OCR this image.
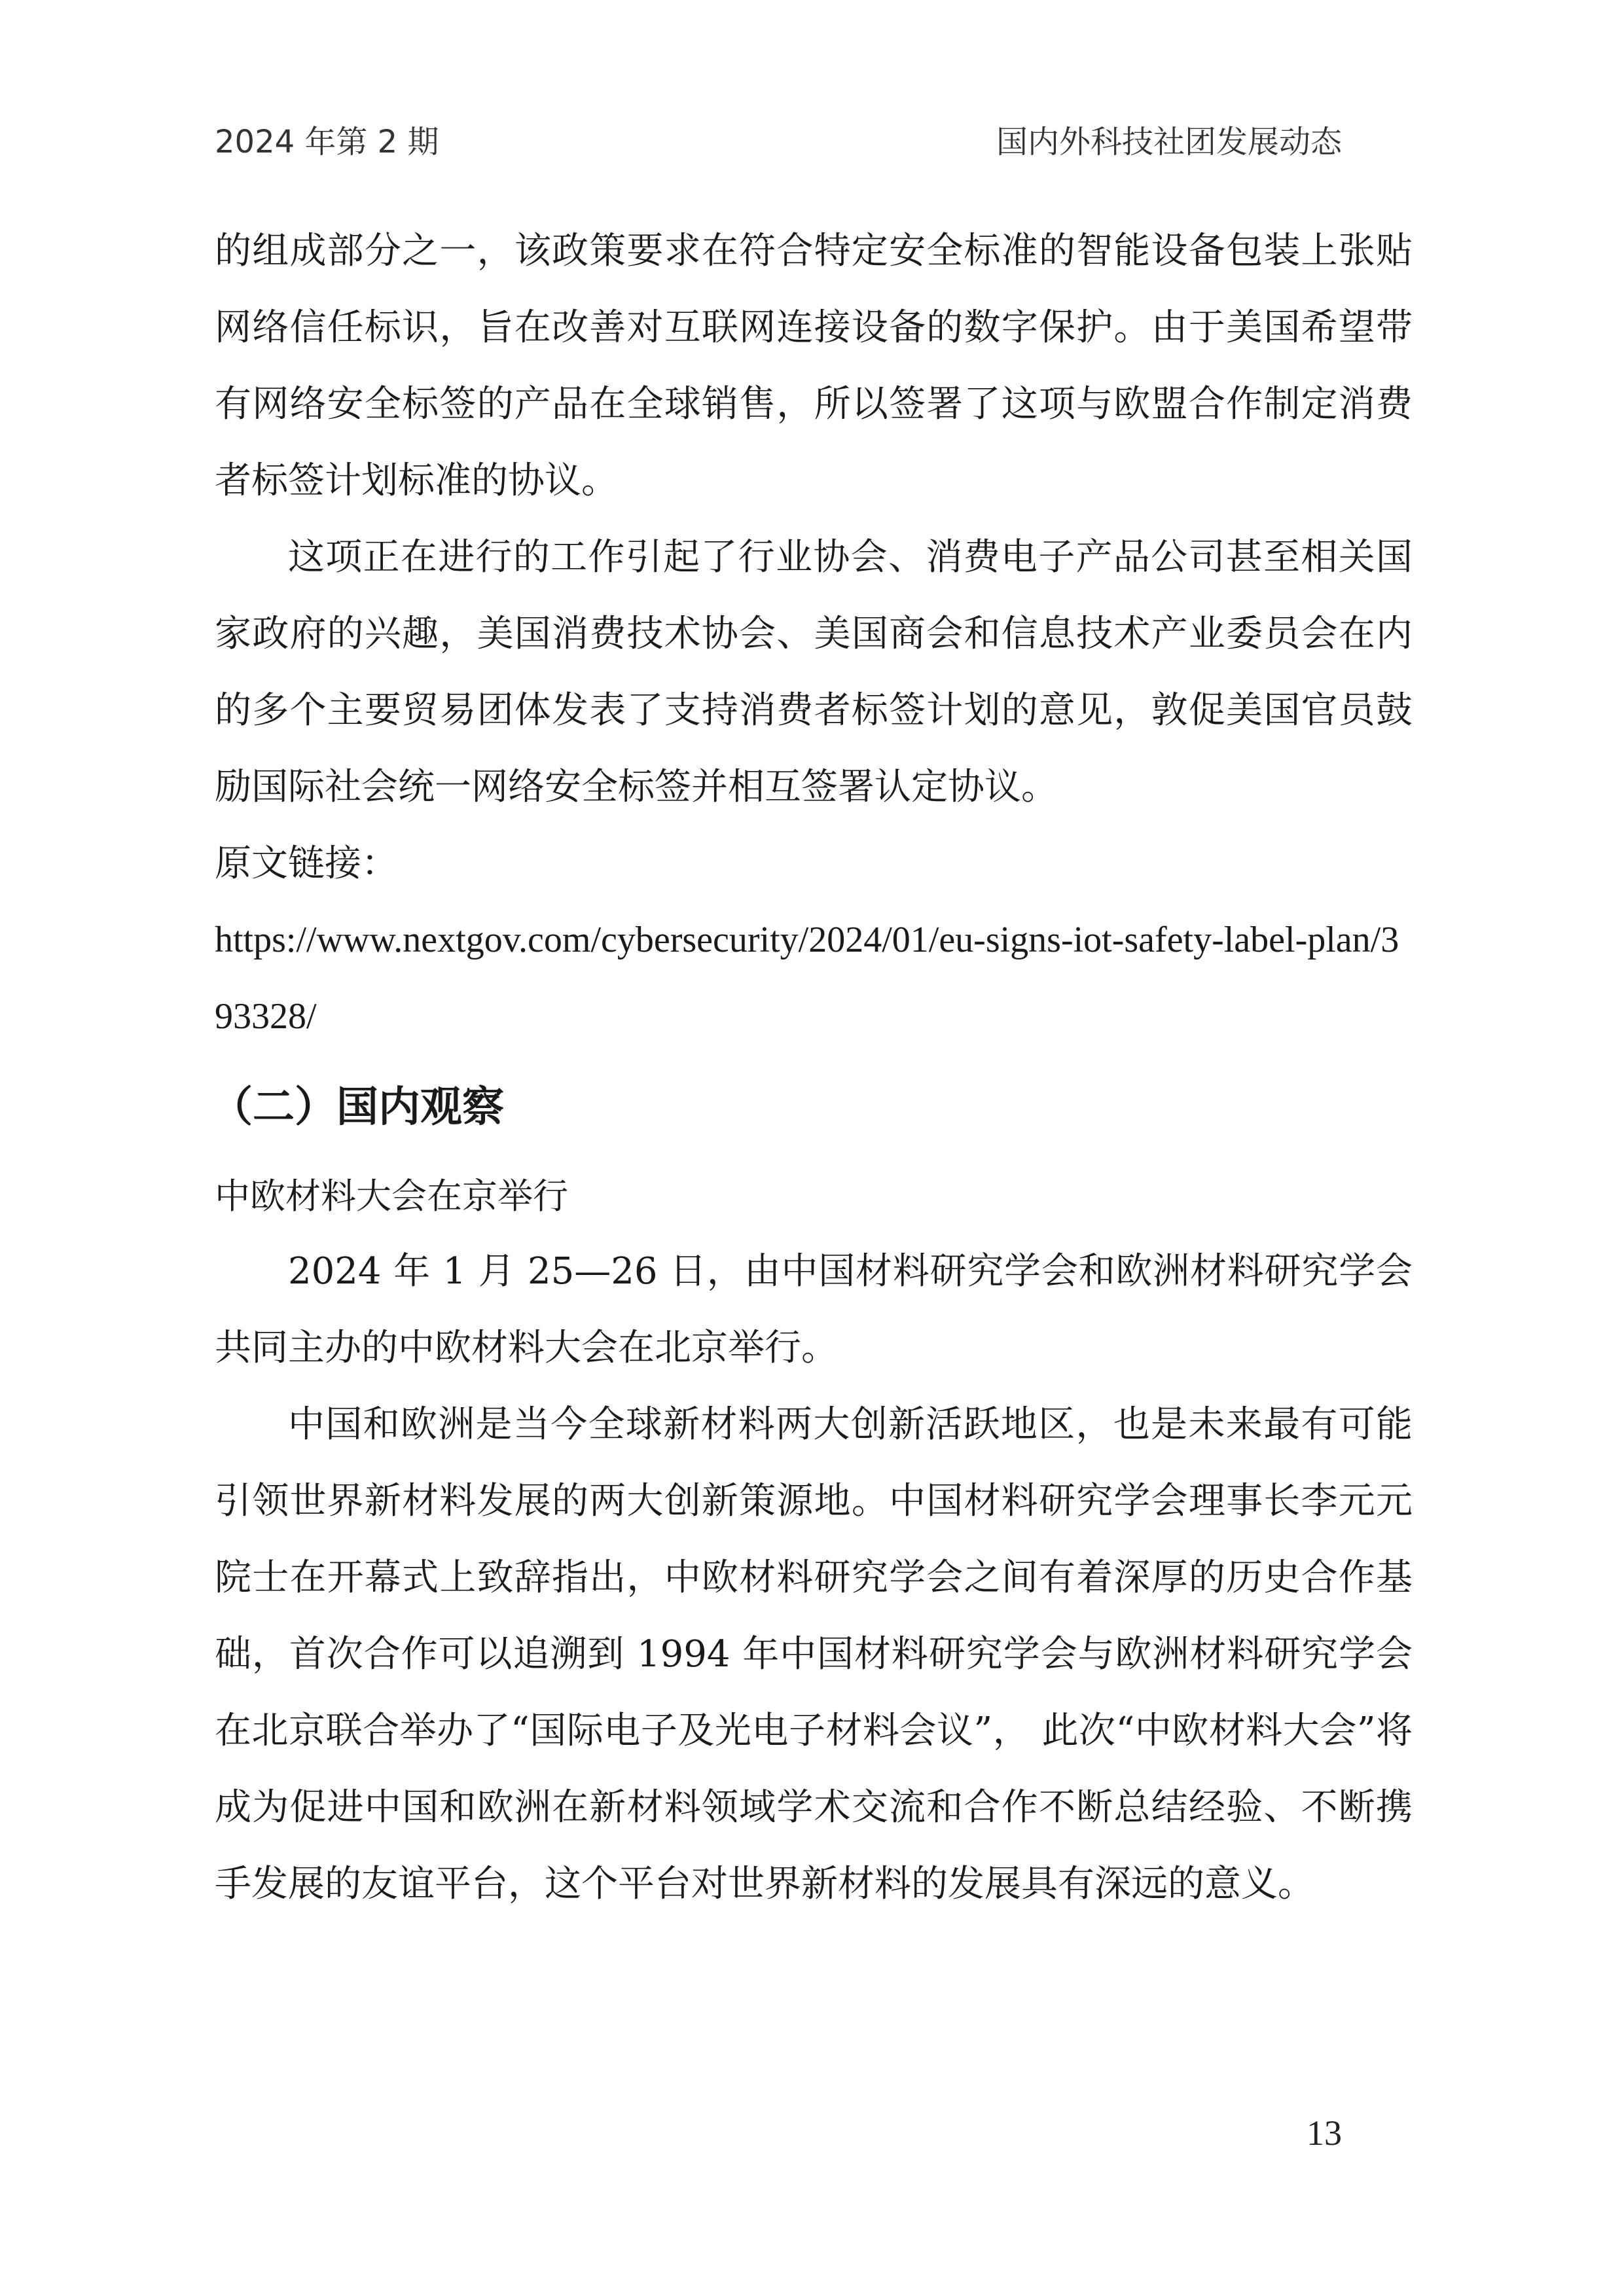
2024 年第 2 期	国内外科技社团发展动态

的组成部分之一，该政策要求在符合特定安全标准的智能设备包装上张贴网络信任标识，旨在改善对互联网连接设备的数字保护。由于美国希望带有网络安全标签的产品在全球销售，所以签署了这项与欧盟合作制定消费者标签计划标准的协议。

这项正在进行的工作引起了行业协会、消费电子产品公司甚至相关国家政府的兴趣，美国消费技术协会、美国商会和信息技术产业委员会在内的多个主要贸易团体发表了支持消费者标签计划的意见，敦促美国官员鼓励国际社会统一网络安全标签并相互签署认定协议。

原文链接：

https://www.nextgov.com/cybersecurity/2024/01/eu-signs-iot-safety-label-plan/393328/

（二）国内观察

中欧材料大会在京举行

2024 年 1 月 25—26 日，由中国材料研究学会和欧洲材料研究学会共同主办的中欧材料大会在北京举行。

中国和欧洲是当今全球新材料两大创新活跃地区，也是未来最有可能引领世界新材料发展的两大创新策源地。中国材料研究学会理事长李元元院士在开幕式上致辞指出，中欧材料研究学会之间有着深厚的历史合作基础，首次合作可以追溯到 1994 年中国材料研究学会与欧洲材料研究学会在北京联合举办了“国际电子及光电子材料会议”， 此次“中欧材料大会”将成为促进中国和欧洲在新材料领域学术交流和合作不断总结经验、不断携手发展的友谊平台，这个平台对世界新材料的发展具有深远的意义。

13
